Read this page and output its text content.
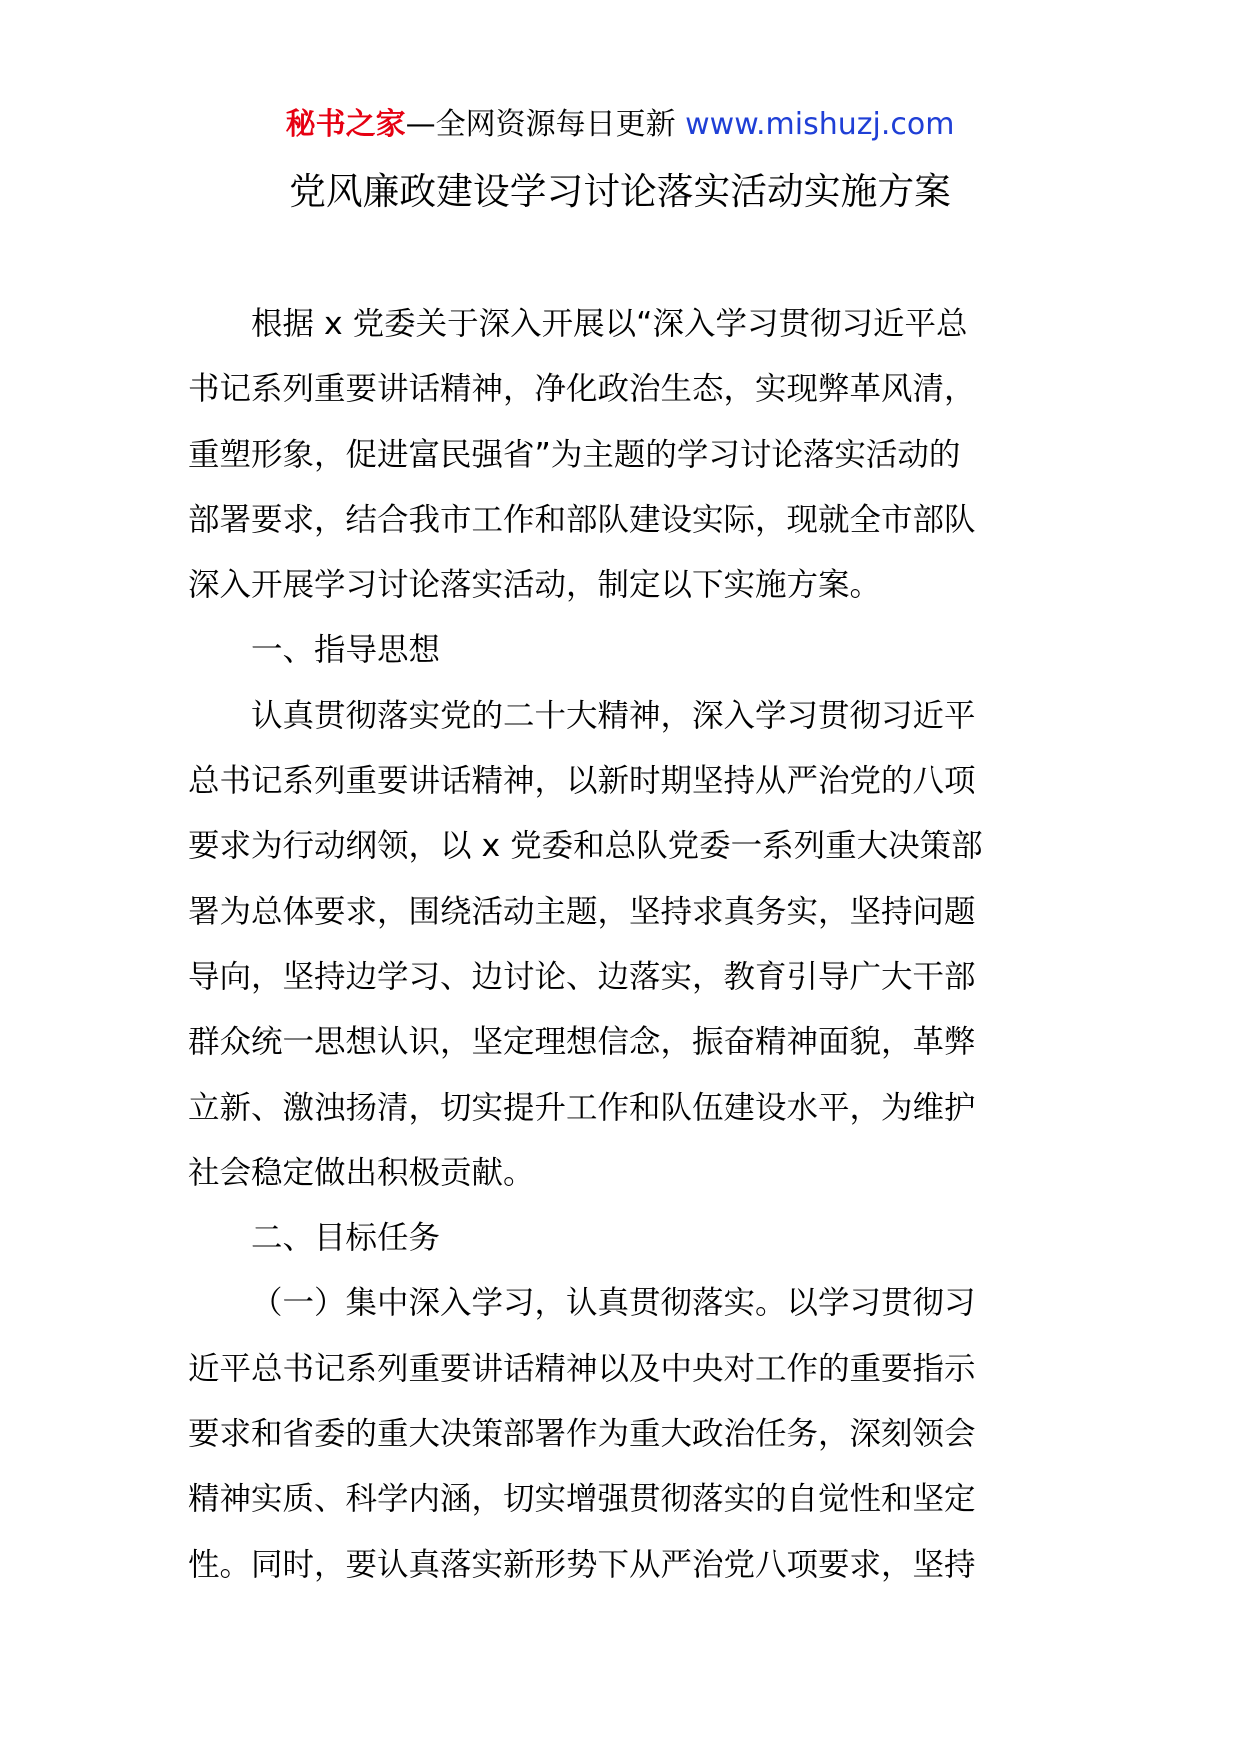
秘书之家—全网资源每日更新 www.mishuzj.com
党风廉政建设学习讨论落实活动实施方案
根据 x 党委关于深入开展以“深入学习贯彻习近平总
书记系列重要讲话精神，净化政治生态，实现弊革风清，
重塑形象，促进富民强省”为主题的学习讨论落实活动的
部署要求，结合我市工作和部队建设实际，现就全市部队
深入开展学习讨论落实活动，制定以下实施方案。
一、指导思想
认真贯彻落实党的二十大精神，深入学习贯彻习近平
总书记系列重要讲话精神，以新时期坚持从严治党的八项
要求为行动纲领，以 x 党委和总队党委一系列重大决策部
署为总体要求，围绕活动主题，坚持求真务实，坚持问题
导向，坚持边学习、边讨论、边落实，教育引导广大干部
群众统一思想认识，坚定理想信念，振奋精神面貌，革弊
立新、激浊扬清，切实提升工作和队伍建设水平，为维护
社会稳定做出积极贡献。
二、目标任务
（一）集中深入学习，认真贯彻落实。以学习贯彻习
近平总书记系列重要讲话精神以及中央对工作的重要指示
要求和省委的重大决策部署作为重大政治任务，深刻领会
精神实质、科学内涵，切实增强贯彻落实的自觉性和坚定
性。同时，要认真落实新形势下从严治党八项要求，坚持
